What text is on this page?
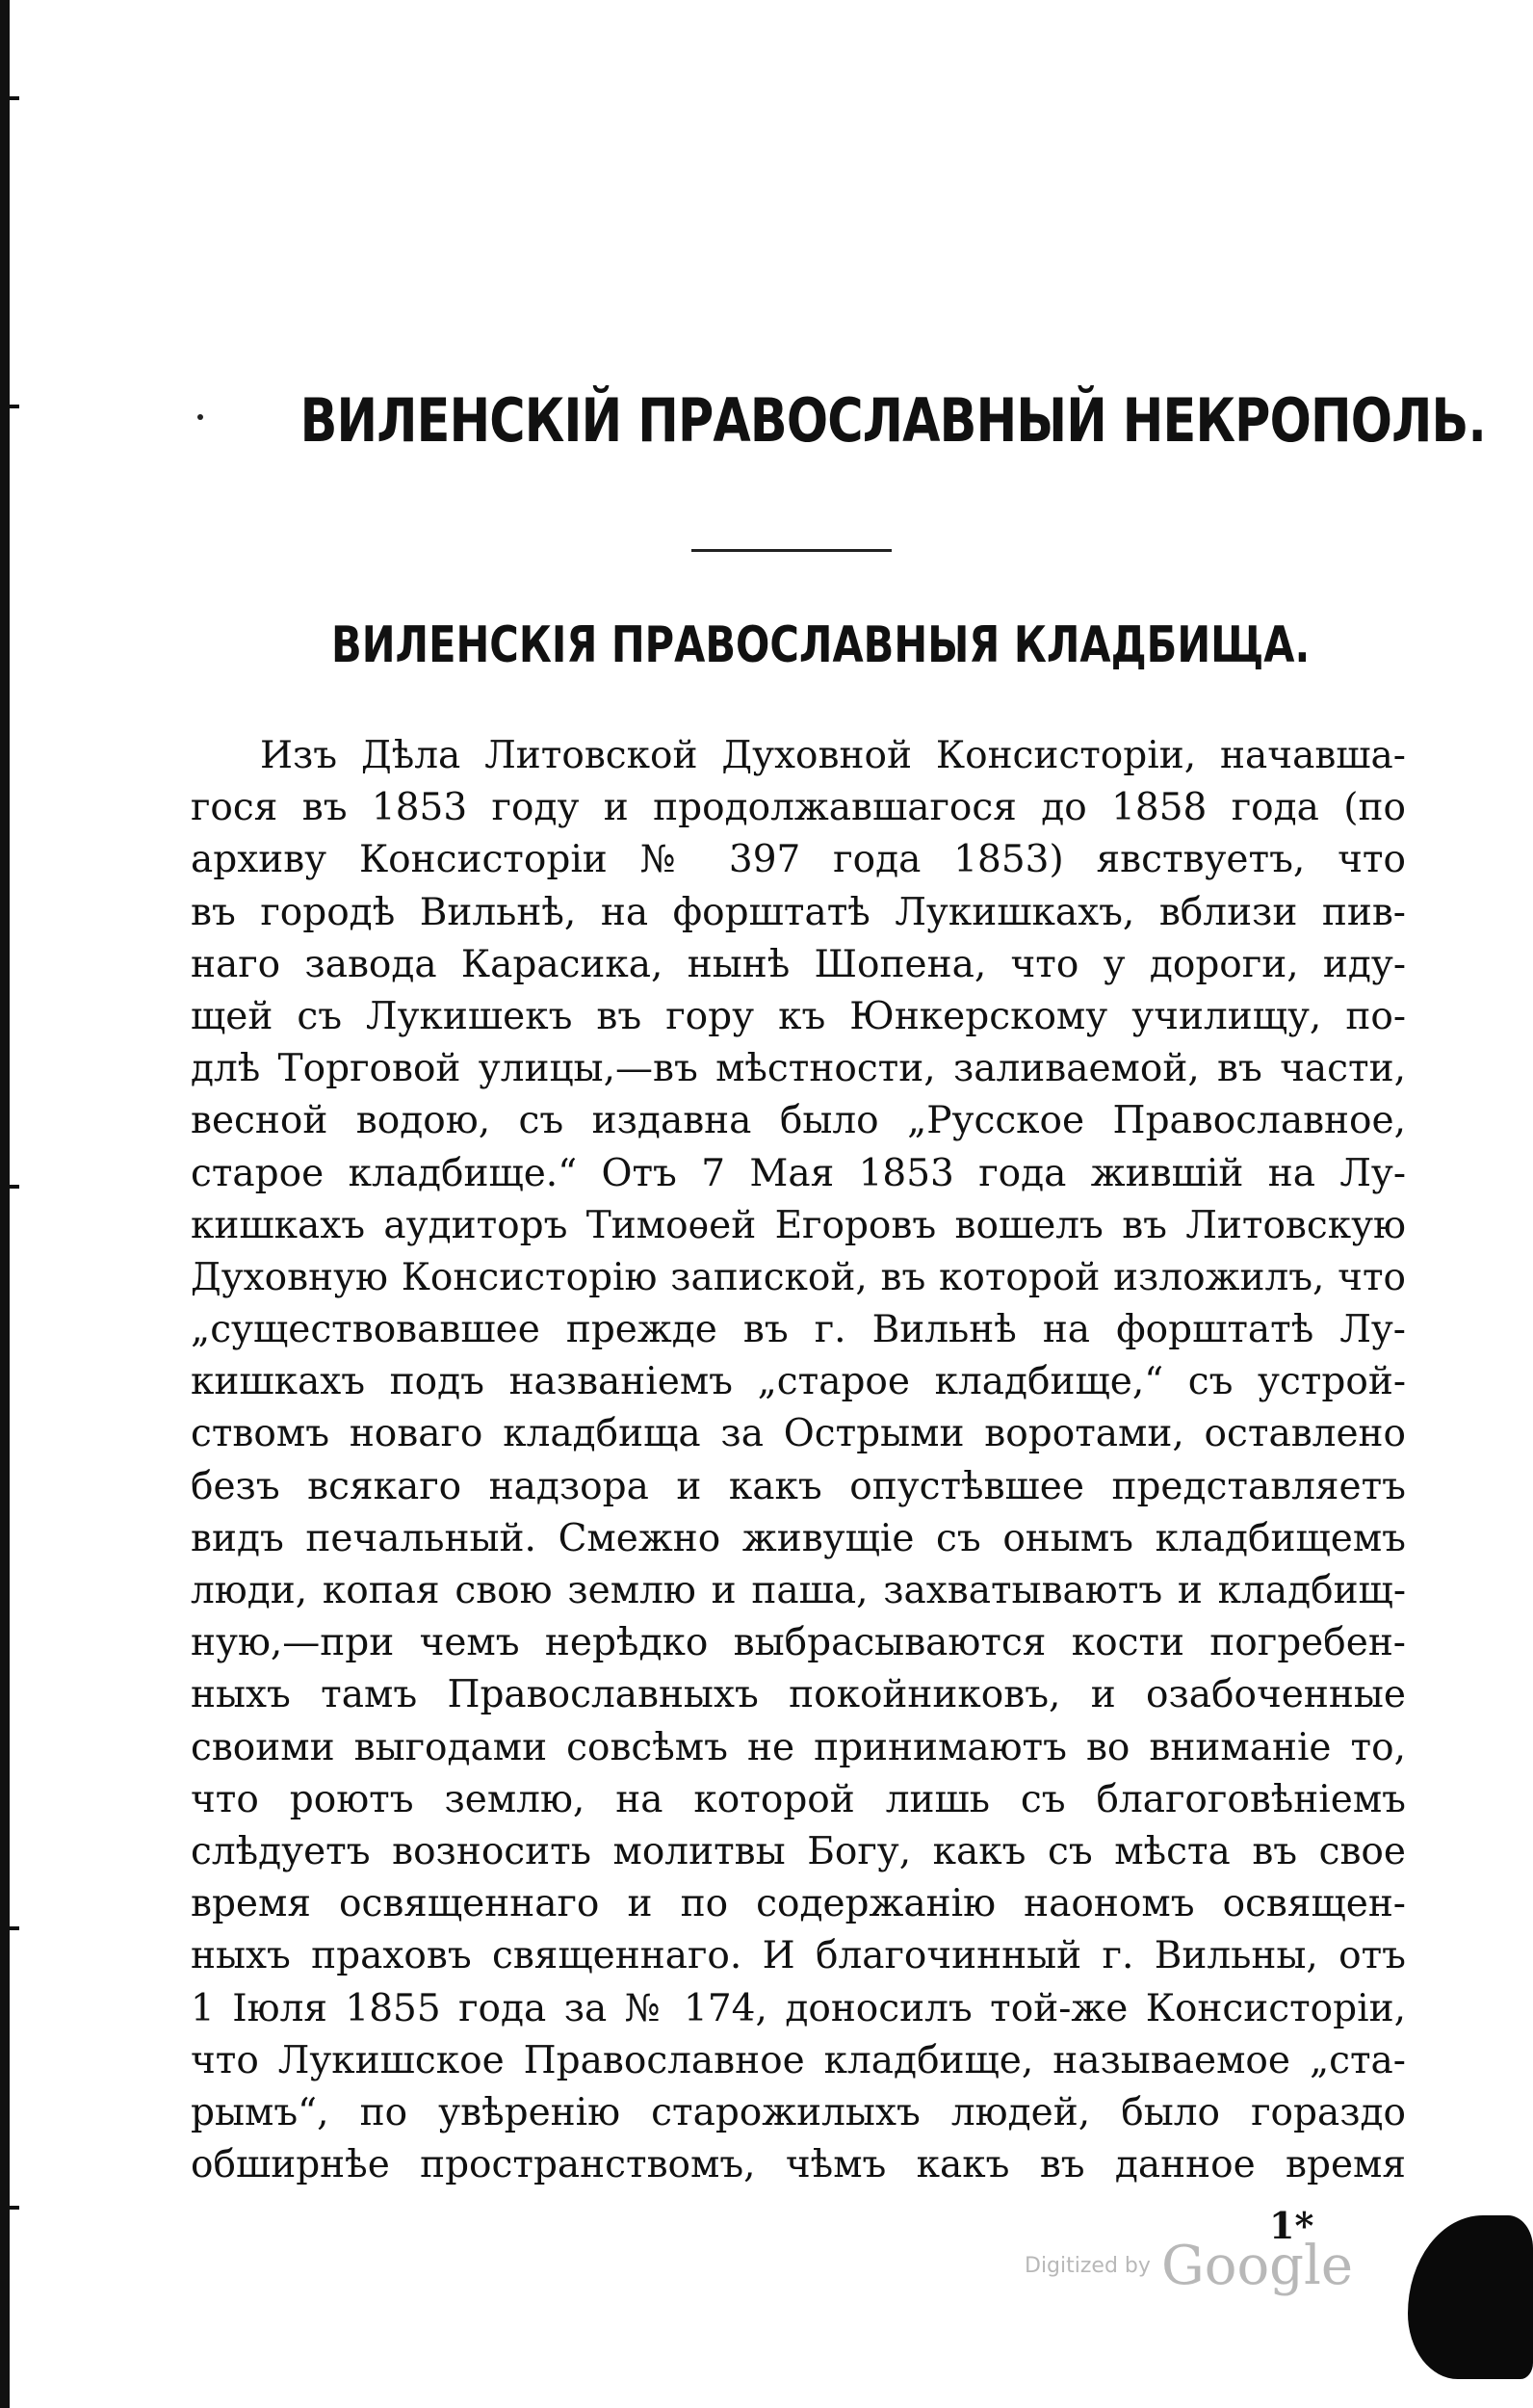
ВИЛЕНСКІЙ ПРАВОСЛАВНЫЙ НЕКРОПОЛЬ.
ВИЛЕНСКІЯ ПРАВОСЛАВНЫЯ КЛАДБИЩА.
Изъ Дѣла Литовской Духовной Консисторіи, начавша-
гося въ 1853 году и продолжавшагося до 1858 года (по
архиву Консисторіи № 397 года 1853) явствуетъ, что
въ городѣ Вильнѣ, на форштатѣ Лукишкахъ, вблизи пив-
наго завода Карасика, нынѣ Шопена, что у дороги, иду-
щей съ Лукишекъ въ гору къ Юнкерскому училищу, по-
длѣ Торговой улицы,—въ мѣстности, заливаемой, въ части,
весной водою, съ издавна было „Русское Православное,
старое кладбище.“ Отъ 7 Мая 1853 года жившій на Лу-
кишкахъ аудиторъ Тимоѳей Егоровъ вошелъ въ Литовскую
Духовную Консисторію запиской, въ которой изложилъ, что
„существовавшее прежде въ г. Вильнѣ на форштатѣ Лу-
кишкахъ подъ названіемъ „старое кладбище,“ съ устрой-
ствомъ новаго кладбища за Острыми воротами, оставлено
безъ всякаго надзора и какъ опустѣвшее представляетъ
видъ печальный. Смежно живущіе съ онымъ кладбищемъ
люди, копая свою землю и паша, захватываютъ и кладбищ-
ную,—при чемъ нерѣдко выбрасываются кости погребен-
ныхъ тамъ Православныхъ покойниковъ, и озабоченные
своими выгодами совсѣмъ не принимаютъ во вниманіе то,
что роютъ землю, на которой лишь съ благоговѣніемъ
слѣдуетъ возносить молитвы Богу, какъ съ мѣста въ свое
время освященнаго и по содержанію наономъ освящен-
ныхъ праховъ священнаго. И благочинный г. Вильны, отъ
1 Іюля 1855 года за № 174, доносилъ той-же Консисторіи,
что Лукишское Православное кладбище, называемое „ста-
рымъ“, по увѣренію старожилыхъ людей, было гораздо
обширнѣе пространствомъ, чѣмъ какъ въ данное время
1*
Digitized by Google
